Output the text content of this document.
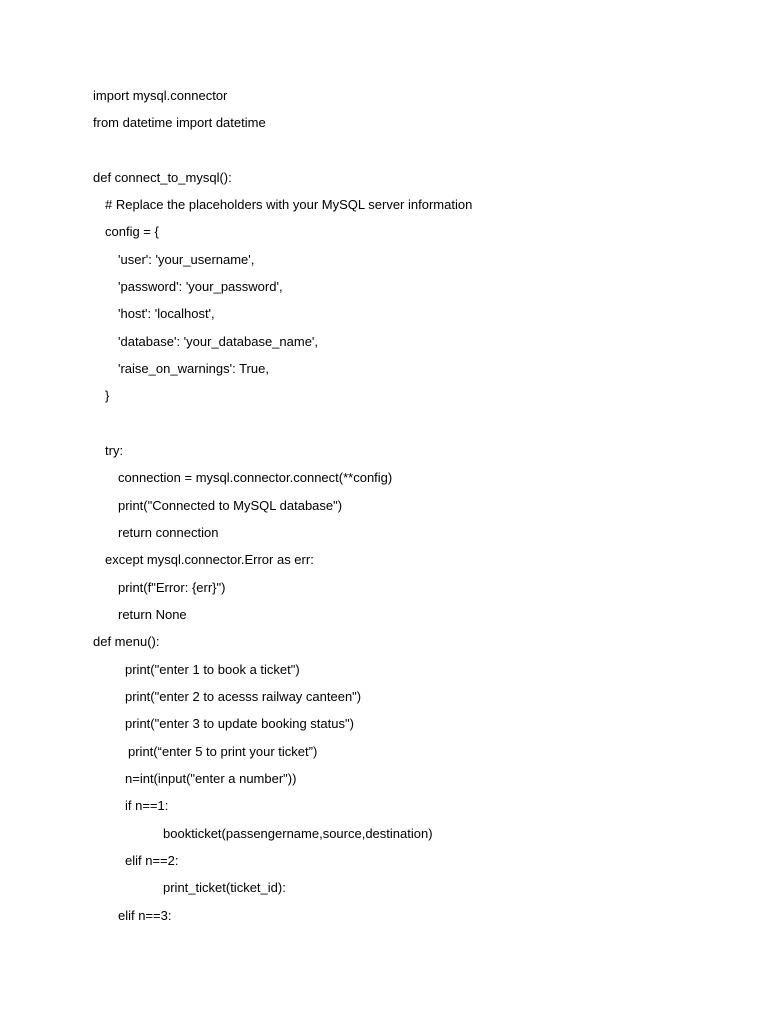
import mysql.connector

from datetime import datetime

def connect_to_mysql():

# Replace the placeholders with your MySQL server information

config = {

'user': 'your_username',

'password': 'your_password',

'host': 'localhost',

'database': 'your_database_name',

'raise_on_warnings': True,

}

try:

connection = mysql.connector.connect(**config)

print("Connected to MySQL database")

return connection

except mysql.connector.Error as err:

print(f"Error: {err}")

return None

def menu():

print("enter 1 to book a ticket")

print("enter 2 to acesss railway canteen")

print("enter 3 to update booking status")

print(“enter 5 to print your ticket”)

n=int(input("enter a number"))

if n==1:

bookticket(passengername,source,destination)

elif n==2:

print_ticket(ticket_id):

elif n==3:
